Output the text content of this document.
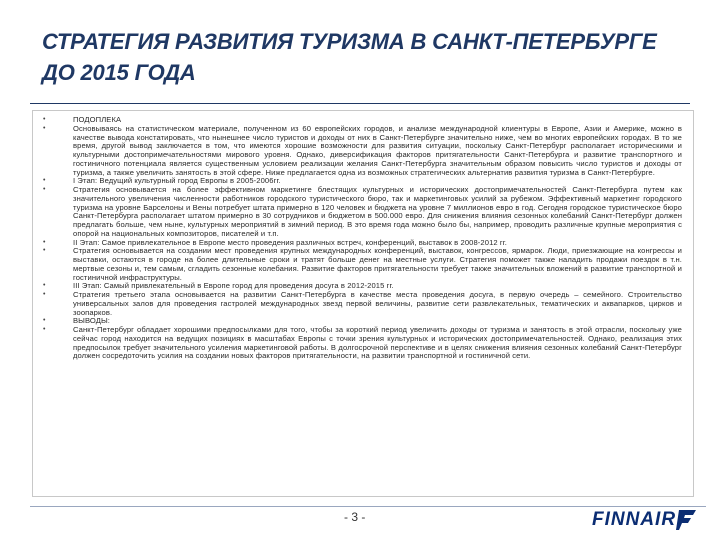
СТРАТЕГИЯ РАЗВИТИЯ ТУРИЗМА В САНКТ-ПЕТЕРБУРГЕ ДО 2015 ГОДА
•	ПОДОПЛЕКА
•	Основываясь на статистическом материале, полученном из 60 европейских городов, и анализе международной клиентуры в Европе, Азии и Америке, можно в качестве вывода констатировать, что нынешнее число туристов и доходы от них в Санкт-Петербурге значительно ниже, чем во многих европейских городах. В то же время, другой вывод заключается в том, что имеются хорошие возможности для развития ситуации, поскольку Санкт-Петербург располагает историческими и культурными достопримечательностями мирового уровня. Однако, диверсификация факторов притягательности Санкт-Петербурга и развитие транспортного и гостиничного потенциала является существенным условием реализации желания Санкт-Петербурга значительным образом повысить число туристов и доходы от туризма, а также увеличить занятость в этой сфере. Ниже предлагается одна из возможных стратегических альтернатив развития туризма в Санкт-Петербурге.
•	I Этап: Ведущий культурный город Европы в 2005-2006гг.
•	Стратегия основывается на более эффективном маркетинге блестящих культурных и исторических достопримечательностей Санкт-Петербурга путем как значительного увеличения численности работников городского туристического бюро, так и маркетинговых усилий за рубежом. Эффективный маркетинг городского туризма на уровне Барселоны и Вены потребует штата примерно в 120 человек и бюджета на уровне 7 миллионов евро в год. Сегодня городское туристическое бюро Санкт-Петербурга располагает штатом примерно в 30 сотрудников и бюджетом в 500.000 евро. Для снижения влияния сезонных колебаний Санкт-Петербург должен предлагать больше, чем ныне, культурных мероприятий в зимний период. В это время года можно было бы, например, проводить различные крупные мероприятия с опорой на национальных композиторов, писателей и т.п.
•	II Этап: Самое привлекательное в Европе место проведения различных встреч, конференций, выставок в 2008-2012 гг.
•	Стратегия основывается на создании мест проведения крупных международных конференций, выставок, конгрессов, ярмарок. Люди, приезжающие на конгрессы и выставки, остаются в городе на более длительные сроки и тратят больше денег на местные услуги. Стратегия поможет также наладить продажи поездок в т.н. мертвые сезоны и, тем самым, сгладить сезонные колебания. Развитие факторов притягательности требует также значительных вложений в развитие транспортной и гостиничной инфраструктуры.
•	III Этап: Самый привлекательный в Европе город для проведения досуга в 2012-2015 гг.
•	Стратегия третьего этапа основывается на развитии Санкт-Петербурга в качестве места проведения досуга, в первую очередь – семейного. Строительство универсальных залов для проведения гастролей международных звезд первой величины, развитие сети развлекательных, тематических и аквапарков, цирков и зоопарков.
•	ВЫВОДЫ:
•	Санкт-Петербург обладает хорошими предпосылками для того, чтобы за короткий период увеличить доходы от туризма и занятость в этой отрасли, поскольку уже сейчас город находится на ведущих позициях в масштабах Европы с точки зрения культурных и исторических достопримечательностей. Однако, реализация этих предпосылок требует значительного усиления маркетинговой работы. В долгосрочной перспективе и в целях снижения влияния сезонных колебаний Санкт-Петербург должен сосредоточить усилия на создании новых факторов притягательности, на развитии транспортной и гостиничной сети.
- 3 -	FINNAIR
